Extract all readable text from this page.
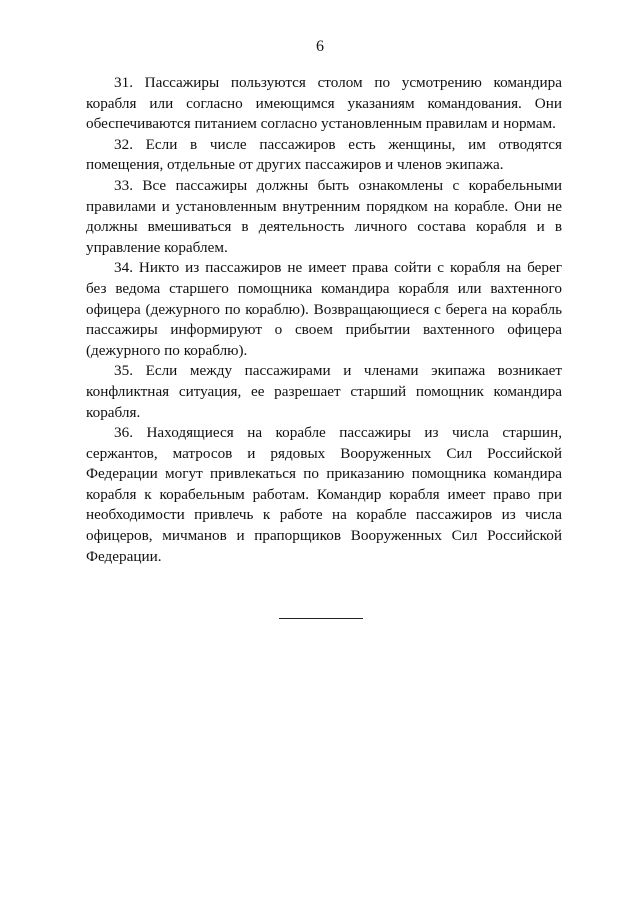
6

31. Пассажиры пользуются столом по усмотрению командира корабля или согласно имеющимся указаниям командования. Они обеспечиваются питанием согласно установленным правилам и нормам.

32. Если в числе пассажиров есть женщины, им отводятся помещения, отдельные от других пассажиров и членов экипажа.

33. Все пассажиры должны быть ознакомлены с корабельными правилами и установленным внутренним порядком на корабле. Они не должны вмешиваться в деятельность личного состава корабля и в управление кораблем.

34. Никто из пассажиров не имеет права сойти с корабля на берег без ведома старшего помощника командира корабля или вахтенного офицера (дежурного по кораблю). Возвращающиеся с берега на корабль пассажиры информируют о своем прибытии вахтенного офицера (дежурного по кораблю).

35. Если между пассажирами и членами экипажа возникает конфликтная ситуация, ее разрешает старший помощник командира корабля.

36. Находящиеся на корабле пассажиры из числа старшин, сержантов, матросов и рядовых Вооруженных Сил Российской Федерации могут привлекаться по приказанию помощника командира корабля к корабельным работам. Командир корабля имеет право при необходимости привлечь к работе на корабле пассажиров из числа офицеров, мичманов и прапорщиков Вооруженных Сил Российской Федерации.
